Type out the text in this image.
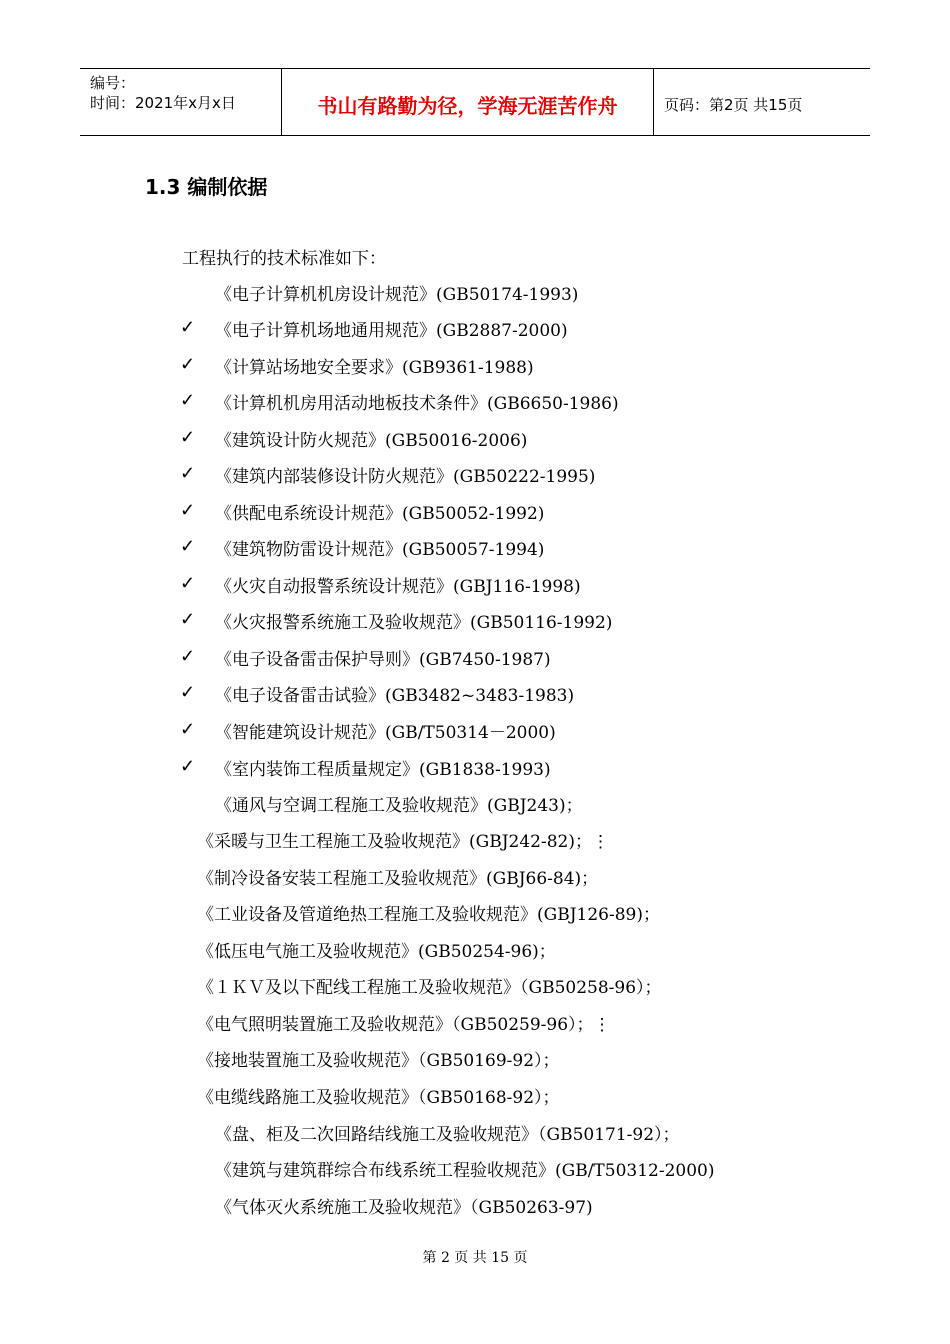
编号：
时间：2021年x月x日	书山有路勤为径，学海无涯苦作舟	页码：第2页 共15页
1.3 编制依据
工程执行的技术标准如下：
《电子计算机机房设计规范》(GB50174-1993)
✓ 《电子计算机场地通用规范》(GB2887-2000)
✓ 《计算站场地安全要求》(GB9361-1988)
✓ 《计算机机房用活动地板技术条件》(GB6650-1986)
✓ 《建筑设计防火规范》(GB50016-2006)
✓ 《建筑内部装修设计防火规范》(GB50222-1995)
✓ 《供配电系统设计规范》(GB50052-1992)
✓ 《建筑物防雷设计规范》(GB50057-1994)
✓ 《火灾自动报警系统设计规范》(GBJ116-1998)
✓ 《火灾报警系统施工及验收规范》(GB50116-1992)
✓ 《电子设备雷击保护导则》(GB7450-1987)
✓ 《电子设备雷击试验》(GB3482~3483-1983)
✓ 《智能建筑设计规范》(GB/T50314－2000)
✓ 《室内装饰工程质量规定》(GB1838-1993)
《通风与空调工程施工及验收规范》(GBJ243)；
《采暖与卫生工程施工及验收规范》(GBJ242-82)；⋮
《制冷设备安装工程施工及验收规范》(GBJ66-84)；
《工业设备及管道绝热工程施工及验收规范》(GBJ126-89)；
《低压电气施工及验收规范》(GB50254-96)；
《１ＫＶ及以下配线工程施工及验收规范》（GB50258-96）；
《电气照明装置施工及验收规范》（GB50259-96）；⋮
《接地装置施工及验收规范》（GB50169-92）；
《电缆线路施工及验收规范》（GB50168-92）；
《盘、柜及二次回路结线施工及验收规范》（GB50171-92）；
《建筑与建筑群综合布线系统工程验收规范》(GB/T50312-2000)
《气体灭火系统施工及验收规范》（GB50263-97)
第 2 页 共 15 页
